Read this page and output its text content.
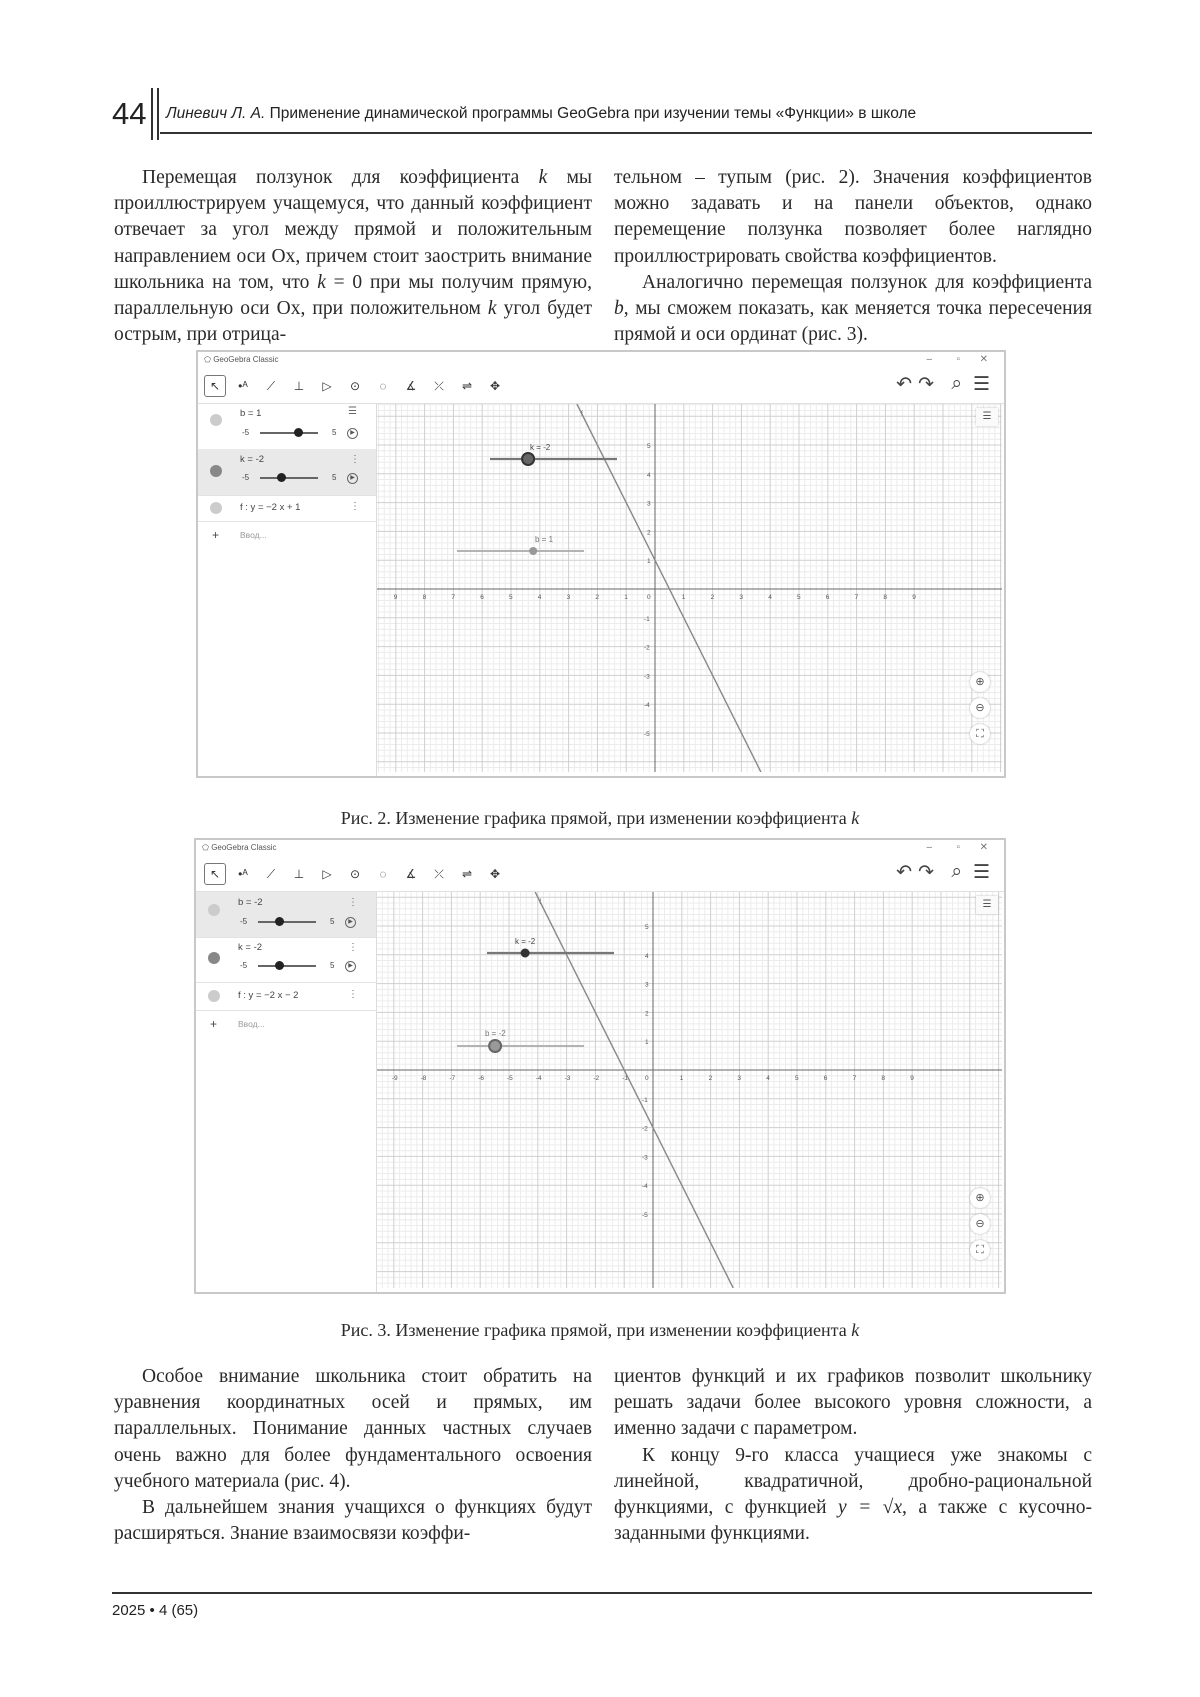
44 Линевич Л. А. Применение динамической программы GeoGebra при изучении темы «Функции» в школе

Перемещая ползунок для коэффициента k мы проиллюстрируем учащемуся, что данный коэффициент отвечает за угол между прямой и положительным направлением оси Ox, причем стоит заострить внимание школьника на том, что k = 0 при мы получим прямую, параллельную оси Ox, при положительном k угол будет острым, при отрица-

тельном – тупым (рис. 2). Значения коэффициентов можно задавать и на панели объектов, однако перемещение ползунка позволяет более наглядно проиллюстрировать свойства коэффициентов.

Аналогично перемещая ползунок для коэффициента b, мы сможем показать, как меняется точка пересечения прямой и оси ординат (рис. 3).

⬠ GeoGebra Classic	– ▫ ✕
↖	•ᴬ	⟋	⊥	▷	⊙	◌	∡	⤫	⇌	✥	↶ ↷ ⌕ ☰
b = 1
-5	5	▶
☰
k = -2
-5	5	▶
⋮
f : y = −2 x + 1	⋮
+ Ввод...
9	8	7	6	5	4	3	2	1	0	1	2	3	4	5	6	7	8	9
5
4
3
2
1
-1
-2
-3
-4
-5
f
k = -2
b = 1
☰
⊕
⊖
⛶
Рис. 2. Изменение графика прямой, при изменении коэффициента k
⬠ GeoGebra Classic	– ▫ ✕
↖	•ᴬ	⟋	⊥	▷	⊙	◌	∡	⤫	⇌	✥	↶ ↷ ⌕ ☰
b = -2
-5	5	▶
⋮
k = -2
-5	5	▶
⋮
f : y = −2 x − 2	⋮
+ Ввод...
-9	-8	-7	-6	-5	-4	-3	-2	-1	0	1	2	3	4	5	6	7	8	9
5
4
3
2
1
-1
-2
-3
-4
-5
f
k = -2
b = -2
☰
⊕
⊖
⛶
Рис. 3. Изменение графика прямой, при изменении коэффициента k

Особое внимание школьника стоит обратить на уравнения координатных осей и прямых, им параллельных. Понимание данных частных случаев очень важно для более фундаментального освоения учебного материала (рис. 4).

В дальнейшем знания учащихся о функциях будут расширяться. Знание взаимосвязи коэффи-

циентов функций и их графиков позволит школьнику решать задачи более высокого уровня сложности, а именно задачи с параметром.

К концу 9-го класса учащиеся уже знакомы с линейной, квадратичной, дробно-рациональной функциями, с функцией y = √x, а также с кусочно-заданными функциями.

2025 • 4 (65)
